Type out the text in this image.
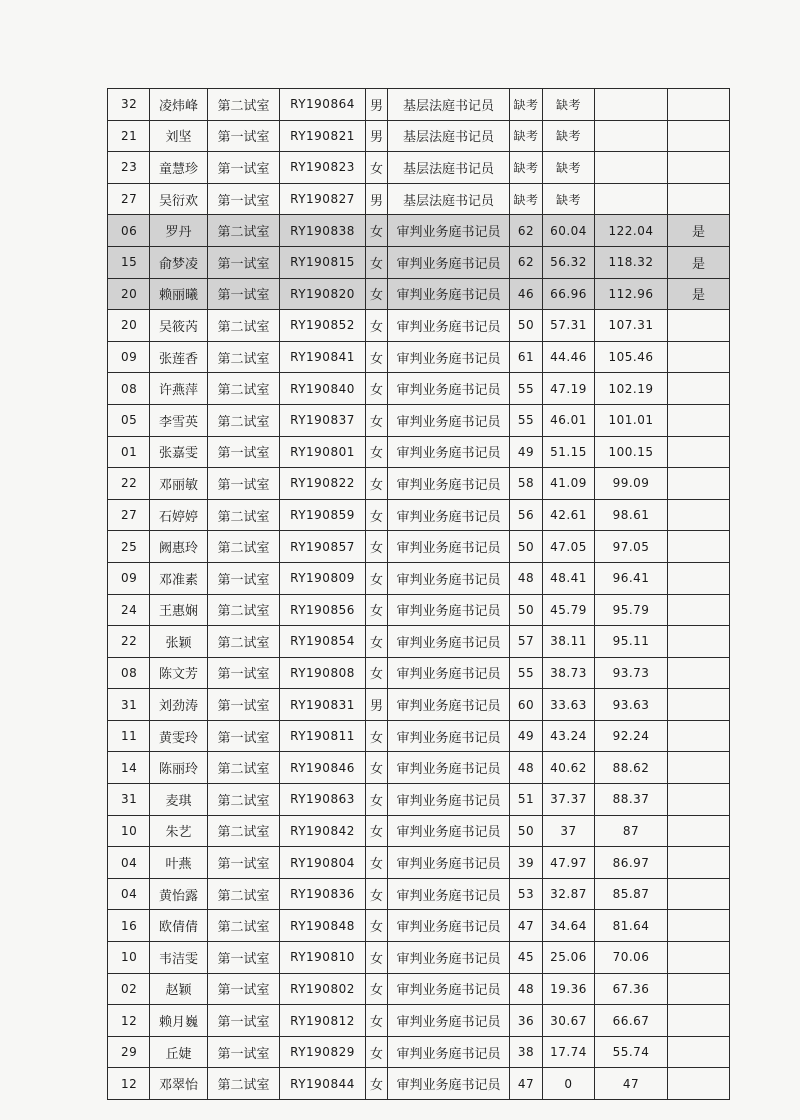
32	凌炜峰	第二试室	RY190864	男	基层法庭书记员	缺考	缺考		
21	刘坚	第一试室	RY190821	男	基层法庭书记员	缺考	缺考		
23	童慧珍	第一试室	RY190823	女	基层法庭书记员	缺考	缺考		
27	吴衍欢	第一试室	RY190827	男	基层法庭书记员	缺考	缺考		
06	罗丹	第二试室	RY190838	女	审判业务庭书记员	62	60.04	122.04	是
15	俞梦凌	第一试室	RY190815	女	审判业务庭书记员	62	56.32	118.32	是
20	赖丽曦	第一试室	RY190820	女	审判业务庭书记员	46	66.96	112.96	是
20	吴筱芮	第二试室	RY190852	女	审判业务庭书记员	50	57.31	107.31	
09	张莲香	第二试室	RY190841	女	审判业务庭书记员	61	44.46	105.46	
08	许燕萍	第二试室	RY190840	女	审判业务庭书记员	55	47.19	102.19	
05	李雪英	第二试室	RY190837	女	审判业务庭书记员	55	46.01	101.01	
01	张嘉雯	第一试室	RY190801	女	审判业务庭书记员	49	51.15	100.15	
22	邓丽敏	第一试室	RY190822	女	审判业务庭书记员	58	41.09	99.09	
27	石婷婷	第二试室	RY190859	女	审判业务庭书记员	56	42.61	98.61	
25	阙惠玲	第二试室	RY190857	女	审判业务庭书记员	50	47.05	97.05	
09	邓准素	第一试室	RY190809	女	审判业务庭书记员	48	48.41	96.41	
24	王惠娴	第二试室	RY190856	女	审判业务庭书记员	50	45.79	95.79	
22	张颖	第二试室	RY190854	女	审判业务庭书记员	57	38.11	95.11	
08	陈文芳	第一试室	RY190808	女	审判业务庭书记员	55	38.73	93.73	
31	刘劲涛	第一试室	RY190831	男	审判业务庭书记员	60	33.63	93.63	
11	黄雯玲	第一试室	RY190811	女	审判业务庭书记员	49	43.24	92.24	
14	陈丽玲	第二试室	RY190846	女	审判业务庭书记员	48	40.62	88.62	
31	麦琪	第二试室	RY190863	女	审判业务庭书记员	51	37.37	88.37	
10	朱艺	第二试室	RY190842	女	审判业务庭书记员	50	37	87	
04	叶燕	第一试室	RY190804	女	审判业务庭书记员	39	47.97	86.97	
04	黄怡露	第二试室	RY190836	女	审判业务庭书记员	53	32.87	85.87	
16	欧倩倩	第二试室	RY190848	女	审判业务庭书记员	47	34.64	81.64	
10	韦洁雯	第一试室	RY190810	女	审判业务庭书记员	45	25.06	70.06	
02	赵颖	第一试室	RY190802	女	审判业务庭书记员	48	19.36	67.36	
12	赖月巍	第一试室	RY190812	女	审判业务庭书记员	36	30.67	66.67	
29	丘婕	第一试室	RY190829	女	审判业务庭书记员	38	17.74	55.74	
12	邓翠怡	第二试室	RY190844	女	审判业务庭书记员	47	0	47	
